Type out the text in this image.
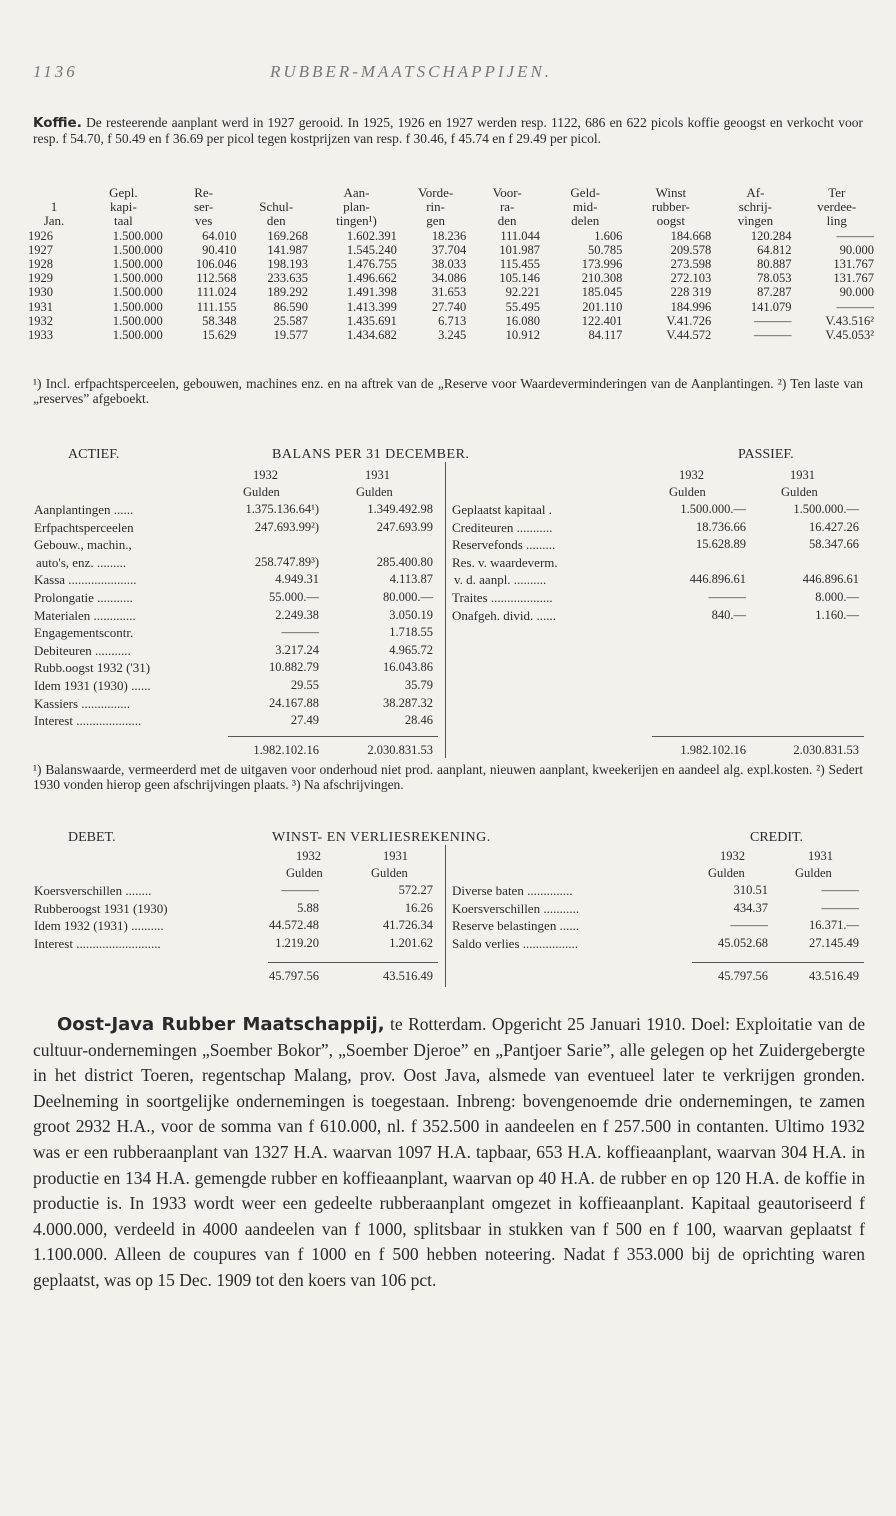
1136	RUBBER-MAATSCHAPPIJEN.
Koffie. De resteerende aanplant werd in 1927 gerooid. In 1925, 1926 en 1927 werden resp. 1122, 686 en 622 picols koffie geoogst en verkocht voor resp. f 54.70, f 50.49 en f 36.69 per picol tegen kostprijzen van resp. f 30.46, f 45.74 en f 29.49 per picol.
	Gepl.	Re-		Aan-	Vorde-	Voor-	Geld-	Winst	Af-	Ter
1	kapi-	ser-	Schul-	plan-	rin-	ra-	mid-	rubber-	schrij-	verdee-
Jan.	taal	ves	den	tingen¹)	gen	den	delen	oogst	vingen	ling
1926	1.500.000	64.010	169.268	1.602.391	18.236	111.044	1.606	184.668	120.284	———
1927	1.500.000	90.410	141.987	1.545.240	37.704	101.987	50.785	209.578	64.812	90.000
1928	1.500.000	106.046	198.193	1.476.755	38.033	115.455	173.996	273.598	80.887	131.767
1929	1.500.000	112.568	233.635	1.496.662	34.086	105.146	210.308	272.103	78.053	131.767
1930	1.500.000	111.024	189.292	1.491.398	31.653	92.221	185.045	228 319	87.287	90.000
1931	1.500.000	111.155	86.590	1.413.399	27.740	55.495	201.110	184.996	141.079	———
1932	1.500.000	58.348	25.587	1.435.691	6.713	16.080	122.401	V.41.726	———	V.43.516²
1933	1.500.000	15.629	19.577	1.434.682	3.245	10.912	84.117	V.44.572	———	V.45.053²
¹) Incl. erfpachtsperceelen, gebouwen, machines enz. en na aftrek van de „Reserve voor Waardeverminderingen van de Aanplantingen. ²) Ten laste van „reserves” afgeboekt.
ACTIEF.	BALANS PER 31 DECEMBER.	PASSIEF.
1932	1931
Gulden	Gulden
1932	1931
Gulden	Gulden
Aanplantingen ......	1.375.136.64¹)	1.349.492.98
Erfpachtsperceelen	247.693.99²)	247.693.99
Gebouw., machin.,
auto's, enz. .........	258.747.89³)	285.400.80
Kassa .....................	4.949.31	4.113.87
Prolongatie ...........	55.000.—	80.000.—
Materialen .............	2.249.38	3.050.19
Engagementscontr.	———	1.718.55
Debiteuren ...........	3.217.24	4.965.72
Rubb.oogst 1932 ('31)	10.882.79	16.043.86
Idem 1931 (1930) ......	29.55	35.79
Kassiers ...............	24.167.88	38.287.32
Interest ....................	27.49	28.46
Geplaatst kapitaal .	1.500.000.—	1.500.000.—
Crediteuren ...........	18.736.66	16.427.26
Reservefonds .........	15.628.89	58.347.66
Res. v. waardeverm.
v. d. aanpl. ..........	446.896.61	446.896.61
Traites ...................	———	8.000.—
Onafgeh. divid. ......	840.—	1.160.—
1.982.102.16	2.030.831.53	1.982.102.16	2.030.831.53
¹) Balanswaarde, vermeerderd met de uitgaven voor onderhoud niet prod. aanplant, nieuwen aanplant, kweekerijen en aandeel alg. expl.kosten. ²) Sedert 1930 vonden hierop geen afschrijvingen plaats. ³) Na afschrijvingen.
DEBET.	WINST- EN VERLIESREKENING.	CREDIT.
1932	1931
Gulden	Gulden
1932	1931
Gulden	Gulden
Koersverschillen ........	———	572.27
Rubberoogst 1931 (1930)	5.88	16.26
Idem 1932 (1931) ..........	44.572.48	41.726.34
Interest ..........................	1.219.20	1.201.62
Diverse baten ..............	310.51	———
Koersverschillen ...........	434.37	———
Reserve belastingen ......	———	16.371.—
Saldo verlies .................	45.052.68	27.145.49
45.797.56	43.516.49	45.797.56	43.516.49
Oost-Java Rubber Maatschappij, te Rotterdam. Opgericht 25 Januari 1910. Doel: Exploitatie van de cultuur-ondernemingen „Soember Bokor”, „Soember Djeroe” en „Pantjoer Sarie”, alle gelegen op het Zuidergebergte in het district Toeren, regentschap Malang, prov. Oost Java, alsmede van eventueel later te verkrijgen gronden. Deelneming in soortgelijke ondernemingen is toegestaan. Inbreng: bovengenoemde drie ondernemingen, te zamen groot 2932 H.A., voor de somma van f 610.000, nl. f 352.500 in aandeelen en f 257.500 in contanten. Ultimo 1932 was er een rubberaanplant van 1327 H.A. waarvan 1097 H.A. tapbaar, 653 H.A. koffieaanplant, waarvan 304 H.A. in productie en 134 H.A. gemengde rubber en koffieaanplant, waarvan op 40 H.A. de rubber en op 120 H.A. de koffie in productie is. In 1933 wordt weer een gedeelte rubberaanplant omgezet in koffieaanplant. Kapitaal geautoriseerd f 4.000.000, verdeeld in 4000 aandeelen van f 1000, splitsbaar in stukken van f 500 en f 100, waarvan geplaatst f 1.100.000. Alleen de coupures van f 1000 en f 500 hebben noteering. Nadat f 353.000 bij de oprichting waren geplaatst, was op 15 Dec. 1909 tot den koers van 106 pct.
